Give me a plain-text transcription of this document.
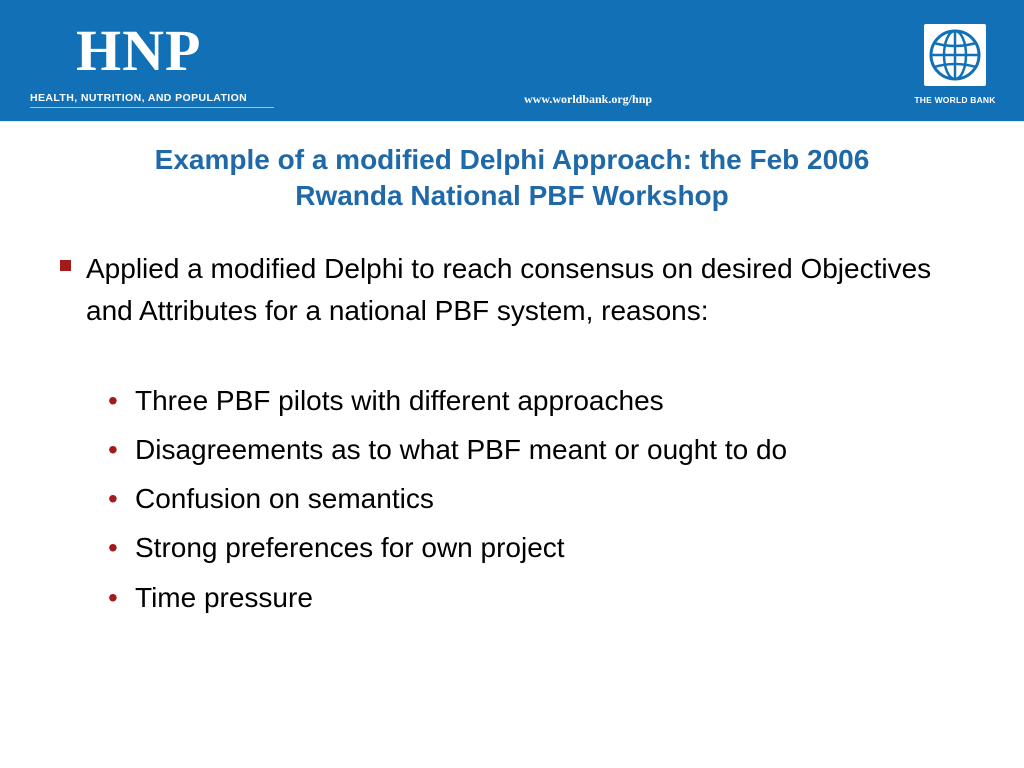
HNP
HEALTH, NUTRITION, AND POPULATION	www.worldbank.org/hnp	THE WORLD BANK
Example of a modified Delphi Approach: the Feb 2006
Rwanda National PBF Workshop
Applied a modified Delphi to reach consensus on desired Objectives and Attributes for a national PBF system, reasons:
• Three PBF pilots with different approaches
• Disagreements as to what PBF meant or ought to do
• Confusion on semantics
• Strong preferences for own project
• Time pressure
